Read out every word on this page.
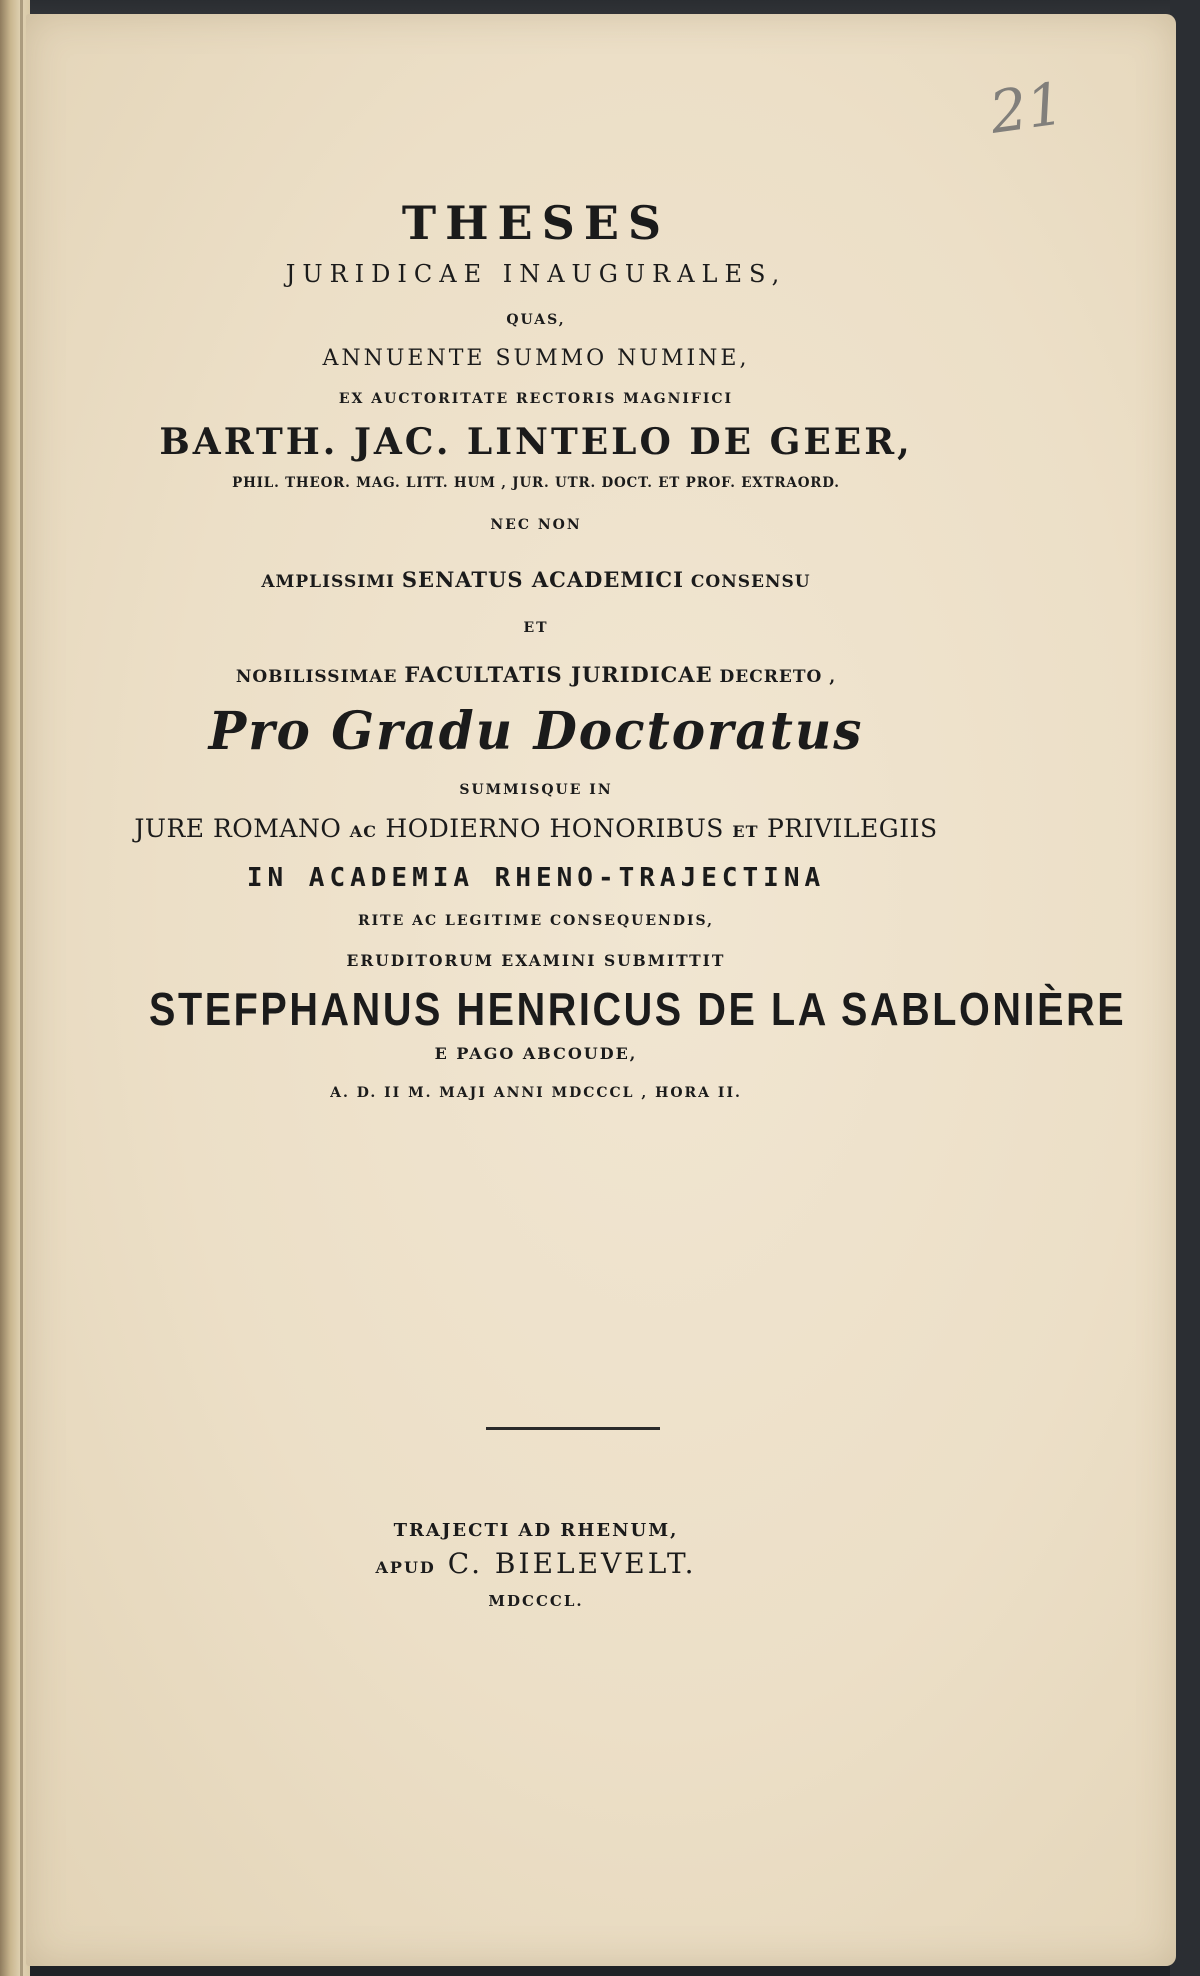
21

THESES

JURIDICAE INAUGURALES,

QUAS,

ANNUENTE SUMMO NUMINE,

EX AUCTORITATE RECTORIS MAGNIFICI

BARTH. JAC. LINTELO DE GEER,

PHIL. THEOR. MAG. LITT. HUM , JUR. UTR. DOCT. ET PROF. EXTRAORD.

NEC NON

AMPLISSIMI SENATUS ACADEMICI CONSENSU

ET

NOBILISSIMAE FACULTATIS JURIDICAE DECRETO ,

Pro Gradu Doctoratus

SUMMISQUE IN

JURE ROMANO AC HODIERNO HONORIBUS ET PRIVILEGIIS

IN ACADEMIA RHENO-TRAJECTINA

RITE AC LEGITIME CONSEQUENDIS,

ERUDITORUM EXAMINI SUBMITTIT

STEFPHANUS HENRICUS DE LA SABLONIÈRE

E PAGO ABCOUDE,

A. D. II M. MAJI ANNI MDCCCL , HORA II.

TRAJECTI AD RHENUM,

APUD C. BIELEVELT.

MDCCCL.
